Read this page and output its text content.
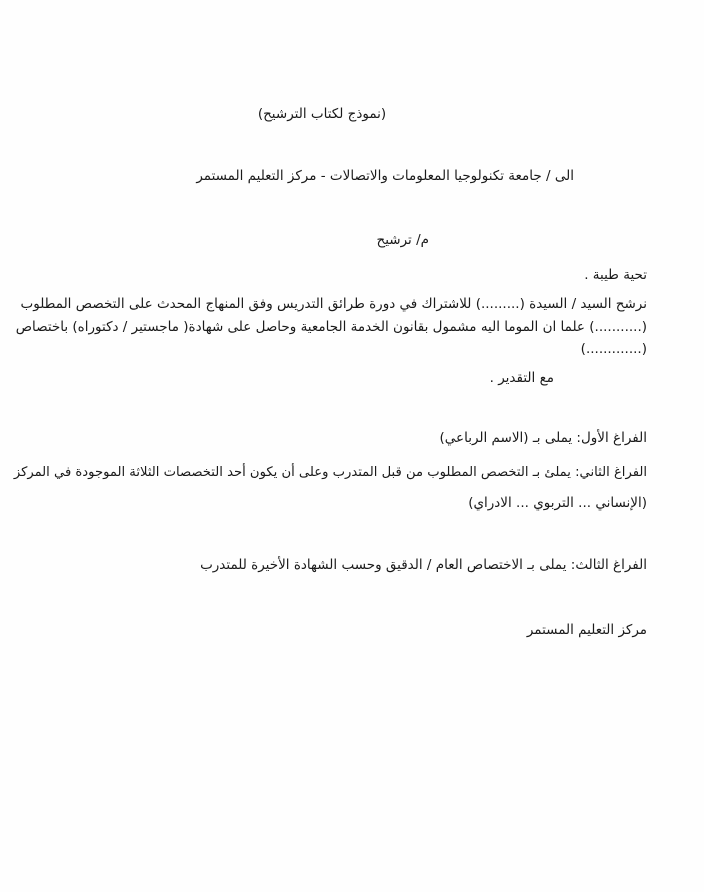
(نموذج لكتاب الترشيح)

الى / جامعة تكنولوجيا المعلومات والاتصالات - مركز التعليم المستمر

م/ ترشيح

تحية طيبة .

نرشح السيد / السيدة (.........) للاشتراك في دورة طرائق التدريس وفق المنهاج المحدث على التخصص المطلوب

(...........) علما ان الموما اليه مشمول بقانون الخدمة الجامعية وحاصل على شهادة( ماجستير / دكتوراه) باختصاص

(.............)

مع التقدير .

الفراغ الأول: يملى بـ (الاسم الرباعي)

الفراغ الثاني: يملئ بـ التخصص المطلوب من قبل المتدرب وعلى أن يكون أحد التخصصات الثلاثة الموجودة في المركز

(الإنساني ... التربوي ... الادراي)

الفراغ الثالث: يملى بـ الاختصاص العام / الدقيق وحسب الشهادة الأخيرة للمتدرب

مركز التعليم المستمر
